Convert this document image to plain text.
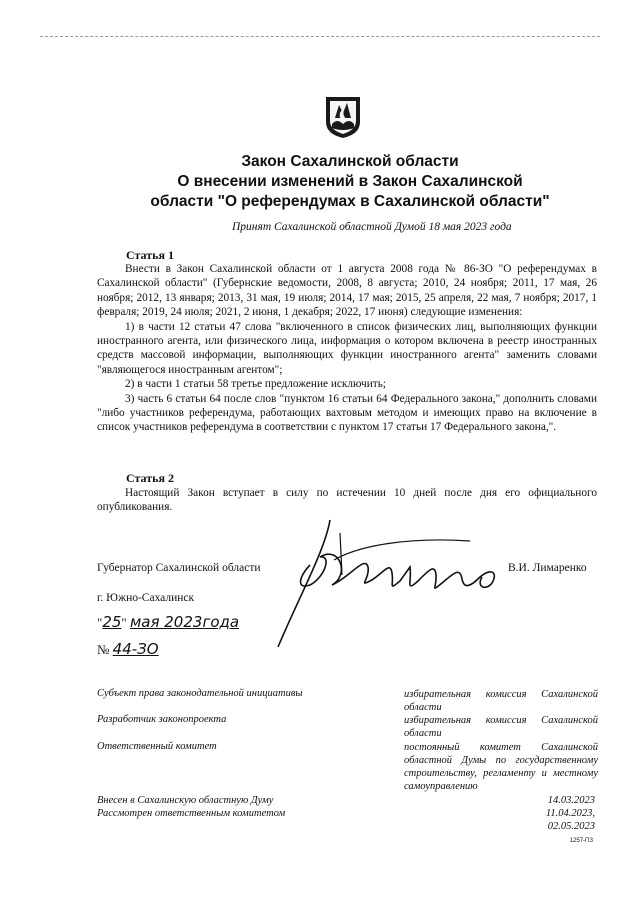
Закон Сахалинской области
О внесении изменений в Закон Сахалинской
области "О референдумах в Сахалинской области"
Принят Сахалинской областной Думой 18 мая 2023 года
Статья 1

Внести в Закон Сахалинской области от 1 августа 2008 года № 86-ЗО "О референдумах в Сахалинской области" (Губернские ведомости, 2008, 8 августа; 2010, 24 ноября; 2011, 17 мая, 26 ноября; 2012, 13 января; 2013, 31 мая, 19 июля; 2014, 17 мая; 2015, 25 апреля, 22 мая, 7 ноября; 2017, 1 февраля; 2019, 24 июля; 2021, 2 июня, 1 декабря; 2022, 17 июня) следующие изменения:

1) в части 12 статьи 47 слова "включенного в список физических лиц, выполняющих функции иностранного агента, или физического лица, информация о котором включена в реестр иностранных средств массовой информации, выполняющих функции иностранного агента" заменить словами "являющегося иностранным агентом";

2) в части 1 статьи 58 третье предложение исключить;

3) часть 6 статьи 64 после слов "пунктом 16 статьи 64 Федерального закона," дополнить словами "либо участников референдума, работающих вахтовым методом и имеющих право на включение в список участников референдума в соответствии с пунктом 17 статьи 17 Федерального закона,".

Статья 2

Настоящий Закон вступает в силу по истечении 10 дней после дня его официального опубликования.

Губернатор Сахалинской области	В.И. Лимаренко
г. Южно-Сахалинск
"25" мая 2023года
№ 44-ЗО
Субъект права законодательной инициативы	избирательная комиссия Сахалинской области
Разработчик законопроекта	избирательная комиссия Сахалинской области
Ответственный комитет	постоянный комитет Сахалинской областной Думы по государственному строительству, регламенту и местному самоуправлению
Внесен в Сахалинскую областную Думу	14.03.2023
Рассмотрен ответственным комитетом	11.04.2023,
02.05.2023
1257-ПЗ
